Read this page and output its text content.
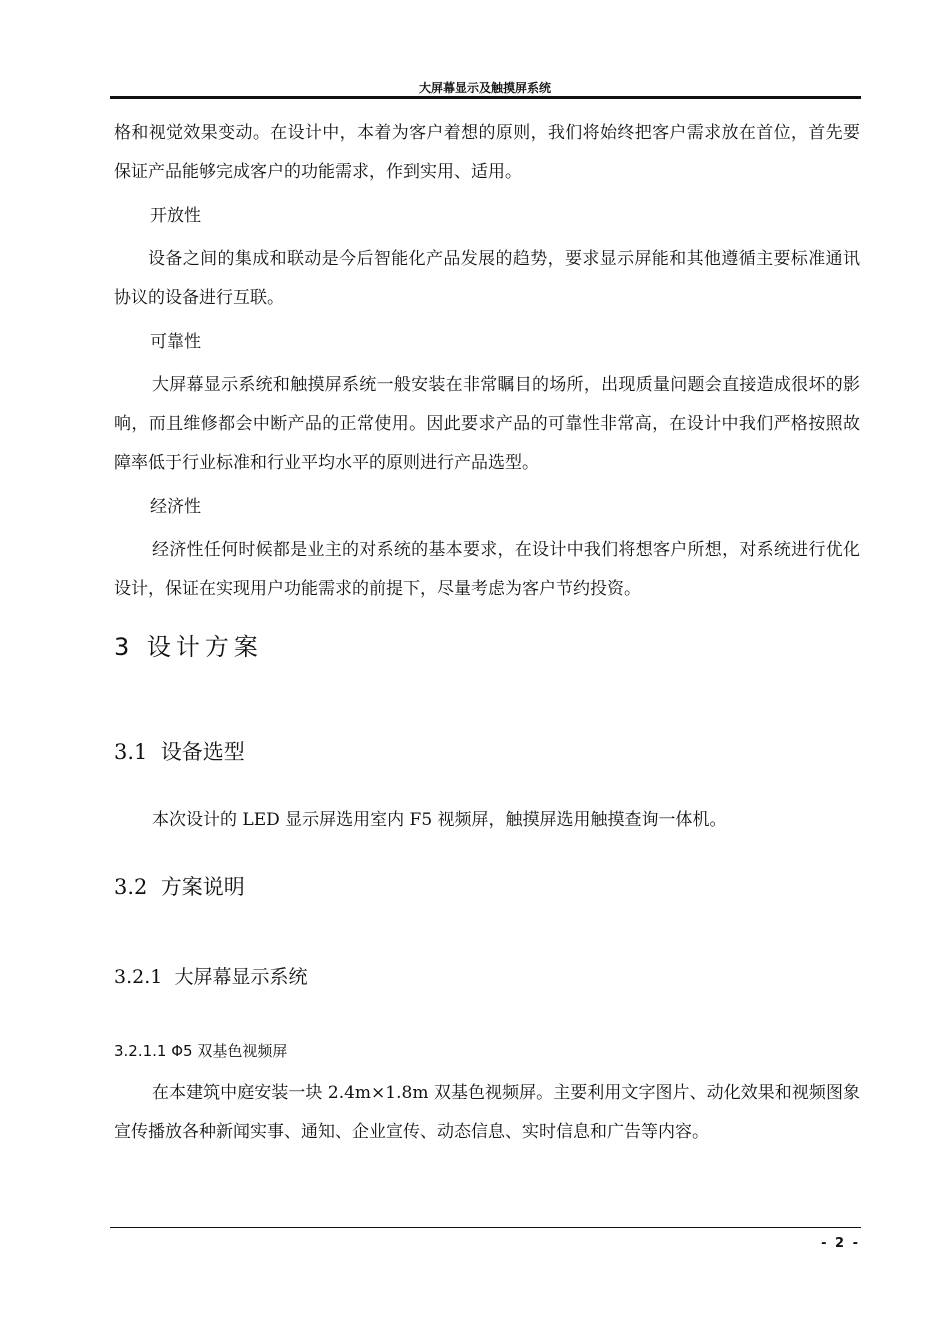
大屏幕显示及触摸屏系统

格和视觉效果变动。在设计中，本着为客户着想的原则，我们将始终把客户需求放在首位，首先要保证产品能够完成客户的功能需求，作到实用、适用。

开放性

设备之间的集成和联动是今后智能化产品发展的趋势，要求显示屏能和其他遵循主要标准通讯协议的设备进行互联。

可靠性

大屏幕显示系统和触摸屏系统一般安装在非常瞩目的场所，出现质量问题会直接造成很坏的影响，而且维修都会中断产品的正常使用。因此要求产品的可靠性非常高，在设计中我们严格按照故障率低于行业标准和行业平均水平的原则进行产品选型。

经济性

经济性任何时候都是业主的对系统的基本要求，在设计中我们将想客户所想，对系统进行优化设计，保证在实现用户功能需求的前提下，尽量考虑为客户节约投资。

3 设计方案
3.1 设备选型

本次设计的 LED 显示屏选用室内 F5 视频屏，触摸屏选用触摸查询一体机。

3.2 方案说明
3.2.1 大屏幕显示系统
3.2.1.1 Φ5 双基色视频屏

在本建筑中庭安装一块 2.4m×1.8m 双基色视频屏。主要利用文字图片、动化效果和视频图象宣传播放各种新闻实事、通知、企业宣传、动态信息、实时信息和广告等内容。

- 2 -
